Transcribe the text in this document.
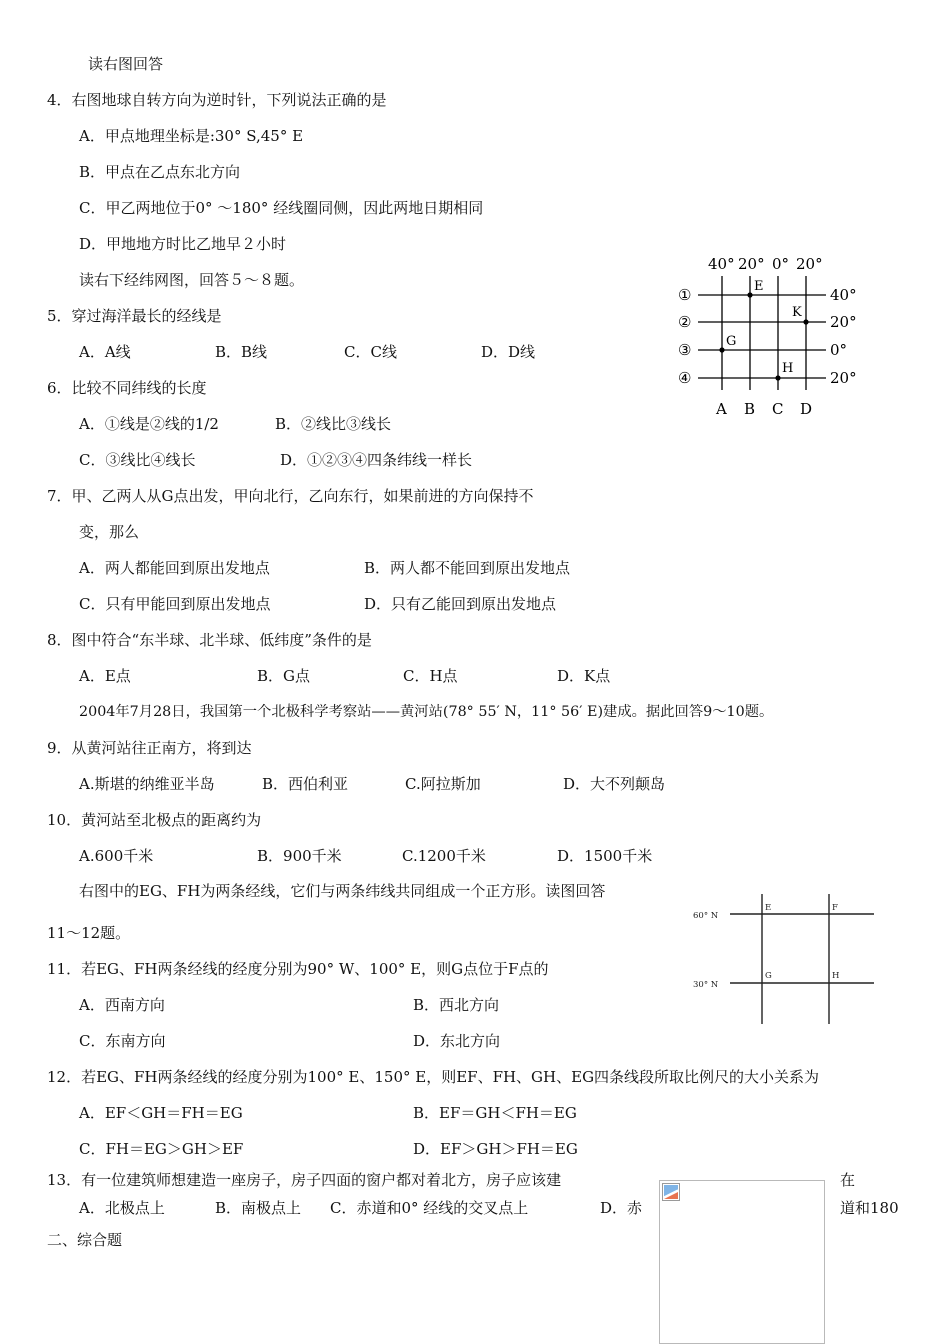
读右图回答
4．右图地球自转方向为逆时针，下列说法正确的是
A．甲点地理坐标是:30° S,45° E
B．甲点在乙点东北方向
C．甲乙两地位于0° ～180° 经线圈同侧，因此两地日期相同
D．甲地地方时比乙地早２小时
读右下经纬网图，回答５～８题。
5．穿过海洋最长的经线是
A．A线	B．B线	C．C线	D．D线
6．比较不同纬线的长度
A．①线是②线的1/2	B．②线比③线长
C．③线比④线长	D．①②③④四条纬线一样长
7．甲、乙两人从G点出发，甲向北行，乙向东行，如果前进的方向保持不
变，那么
A．两人都能回到原出发地点	B．两人都不能回到原出发地点
C．只有甲能回到原出发地点	D．只有乙能回到原出发地点
8．图中符合“东半球、北半球、低纬度”条件的是
A．E点	B．G点	C．H点	D．K点
2004年7月28日，我国第一个北极科学考察站——黄河站(78° 55′ N，11° 56′ E)建成。据此回答9～10题。
9．从黄河站往正南方，将到达
A.斯堪的纳维亚半岛	B．西伯利亚	C.阿拉斯加	D．大不列颠岛
10．黄河站至北极点的距离约为
A.600千米	B．900千米	C.1200千米	D．1500千米
右图中的EG、FH为两条经线，它们与两条纬线共同组成一个正方形。读图回答
11～12题。
11．若EG、FH两条经线的经度分别为90° W、100° E，则G点位于F点的
A．西南方向	B．西北方向
C．东南方向	D．东北方向
12．若EG、FH两条经线的经度分别为100° E、150° E，则EF、FH、GH、EG四条线段所取比例尺的大小关系为
A．EF＜GH＝FH＝EG	B．EF＝GH＜FH＝EG
C．FH＝EG＞GH＞EF	D．EF＞GH＞FH＝EG
13．有一位建筑师想建造一座房子，房子四面的窗户都对着北方，房子应该建	在
A．北极点上	B．南极点上 C．赤道和0° 经线的交叉点上	D．赤	道和180
二、综合题
40° 20° 0° 20°
①
②
③
④
40°
20°
0°
20°
A B C D
E
K
G
H
60° N
30° N
E	F
G	H
